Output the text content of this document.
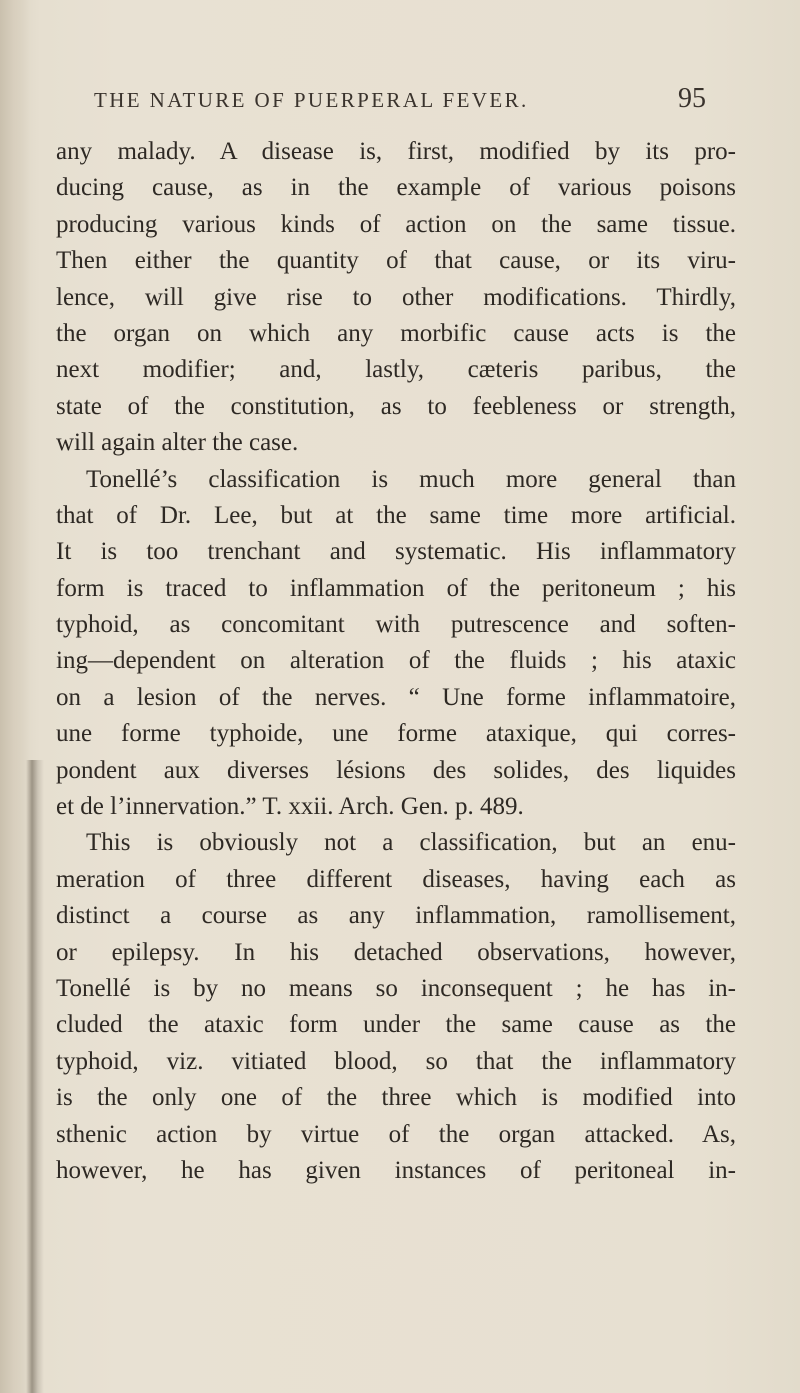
THE NATURE OF PUERPERAL FEVER.	95
any malady. A disease is, first, modified by its pro-
ducing cause, as in the example of various poisons
producing various kinds of action on the same tissue.
Then either the quantity of that cause, or its viru-
lence, will give rise to other modifications. Thirdly,
the organ on which any morbific cause acts is the
next modifier; and, lastly, cæteris paribus, the
state of the constitution, as to feebleness or strength,
will again alter the case.
Tonellé’s classification is much more general than
that of Dr. Lee, but at the same time more artificial.
It is too trenchant and systematic. His inflammatory
form is traced to inflammation of the peritoneum ; his
typhoid, as concomitant with putrescence and soften-
ing—dependent on alteration of the fluids ; his ataxic
on a lesion of the nerves. “ Une forme inflammatoire,
une forme typhoide, une forme ataxique, qui corres-
pondent aux diverses lésions des solides, des liquides
et de l’innervation.” T. xxii. Arch. Gen. p. 489.
This is obviously not a classification, but an enu-
meration of three different diseases, having each as
distinct a course as any inflammation, ramollisement,
or epilepsy. In his detached observations, however,
Tonellé is by no means so inconsequent ; he has in-
cluded the ataxic form under the same cause as the
typhoid, viz. vitiated blood, so that the inflammatory
is the only one of the three which is modified into
sthenic action by virtue of the organ attacked. As,
however, he has given instances of peritoneal in-
